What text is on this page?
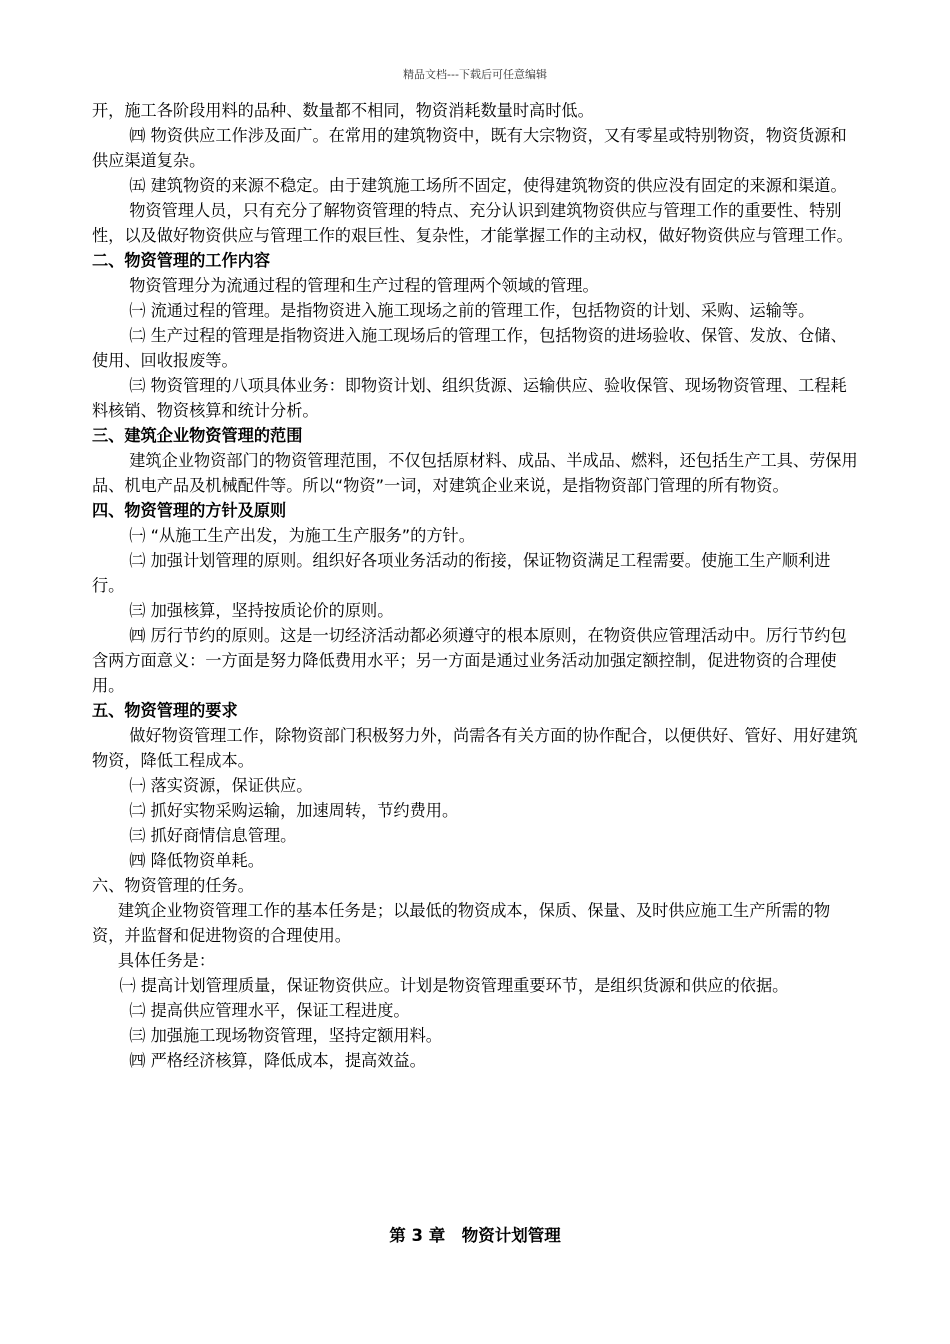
精品文档---下载后可任意编辑

开，施工各阶段用料的品种、数量都不相同，物资消耗数量时高时低。

㈣ 物资供应工作涉及面广。在常用的建筑物资中，既有大宗物资，又有零星或特别物资，物资货源和供应渠道复杂。

㈤ 建筑物资的来源不稳定。由于建筑施工场所不固定，使得建筑物资的供应没有固定的来源和渠道。

物资管理人员，只有充分了解物资管理的特点、充分认识到建筑物资供应与管理工作的重要性、特别性，以及做好物资供应与管理工作的艰巨性、复杂性，才能掌握工作的主动权，做好物资供应与管理工作。

二、物资管理的工作内容

物资管理分为流通过程的管理和生产过程的管理两个领域的管理。

㈠ 流通过程的管理。是指物资进入施工现场之前的管理工作，包括物资的计划、采购、运输等。

㈡ 生产过程的管理是指物资进入施工现场后的管理工作，包括物资的进场验收、保管、发放、仓储、使用、回收报废等。

㈢ 物资管理的八项具体业务：即物资计划、组织货源、运输供应、验收保管、现场物资管理、工程耗料核销、物资核算和统计分析。

三、建筑企业物资管理的范围

建筑企业物资部门的物资管理范围，不仅包括原材料、成品、半成品、燃料，还包括生产工具、劳保用品、机电产品及机械配件等。所以“物资”一词，对建筑企业来说，是指物资部门管理的所有物资。

四、物资管理的方针及原则

㈠ “从施工生产出发，为施工生产服务”的方针。

㈡ 加强计划管理的原则。组织好各项业务活动的衔接，保证物资满足工程需要。使施工生产顺利进行。

㈢ 加强核算，坚持按质论价的原则。

㈣ 厉行节约的原则。这是一切经济活动都必须遵守的根本原则，在物资供应管理活动中。厉行节约包含两方面意义：一方面是努力降低费用水平；另一方面是通过业务活动加强定额控制，促进物资的合理使用。

五、物资管理的要求

做好物资管理工作，除物资部门积极努力外，尚需各有关方面的协作配合，以便供好、管好、用好建筑物资，降低工程成本。

㈠ 落实资源，保证供应。

㈡ 抓好实物采购运输，加速周转，节约费用。

㈢ 抓好商情信息管理。

㈣ 降低物资单耗。

六、物资管理的任务。

建筑企业物资管理工作的基本任务是；以最低的物资成本，保质、保量、及时供应施工生产所需的物资，并监督和促进物资的合理使用。

具体任务是：

㈠ 提高计划管理质量，保证物资供应。计划是物资管理重要环节，是组织货源和供应的依据。

㈡ 提高供应管理水平，保证工程进度。

㈢ 加强施工现场物资管理，坚持定额用料。

㈣ 严格经济核算，降低成本，提高效益。

第 3 章　物资计划管理
